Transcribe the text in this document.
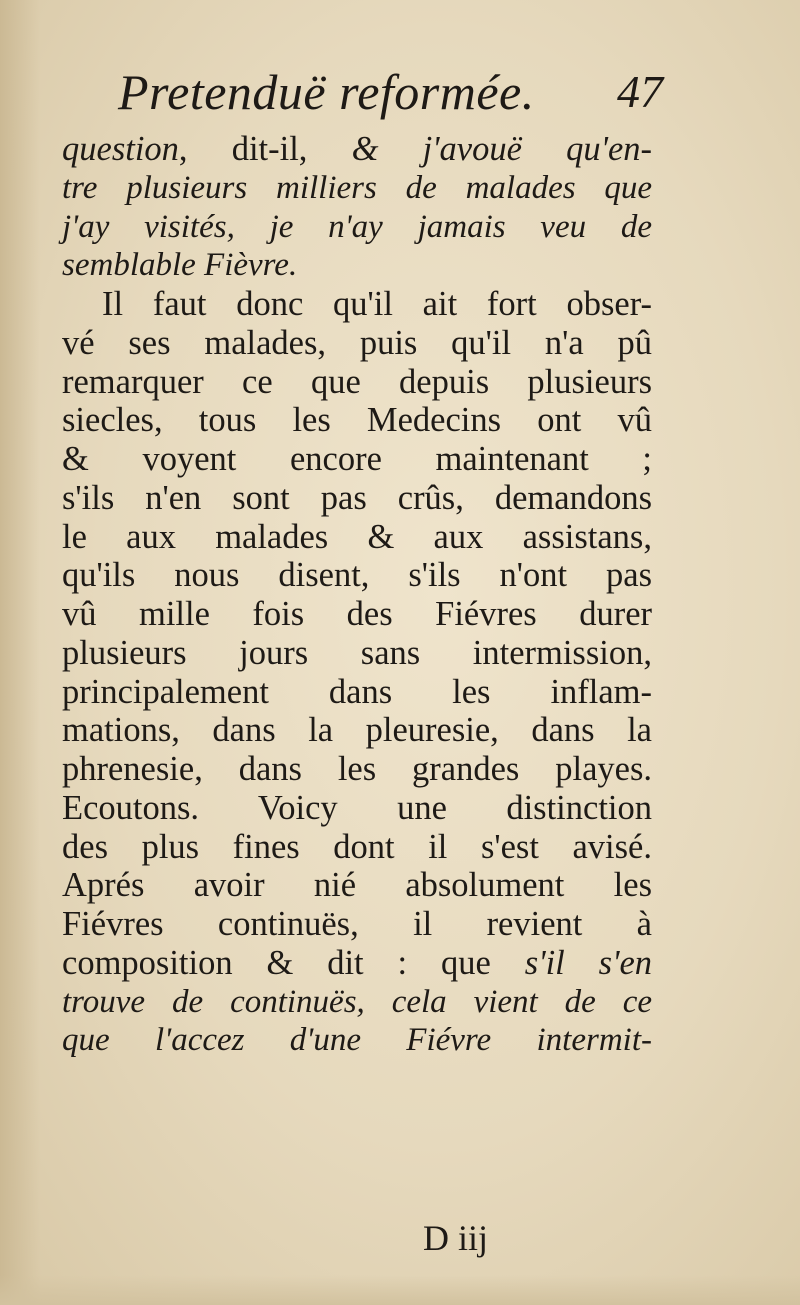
Pretenduë reformée. 47
question, dit-il, & j'avouë qu'en-
tre plusieurs milliers de malades que
j'ay visités, je n'ay jamais veu de
semblable Fièvre.
Il faut donc qu'il ait fort obser-
vé ses malades, puis qu'il n'a pû
remarquer ce que depuis plusieurs
siecles, tous les Medecins ont vû
& voyent encore maintenant ;
s'ils n'en sont pas crûs, demandons
le aux malades & aux assistans,
qu'ils nous disent, s'ils n'ont pas
vû mille fois des Fiévres durer
plusieurs jours sans intermission,
principalement dans les inflam-
mations, dans la pleuresie, dans la
phrenesie, dans les grandes playes.
Ecoutons. Voicy une distinction
des plus fines dont il s'est avisé.
Aprés avoir nié absolument les
Fiévres continuës, il revient à
composition & dit : que s'il s'en
trouve de continuës, cela vient de ce
que l'accez d'une Fiévre intermit-
D iij
